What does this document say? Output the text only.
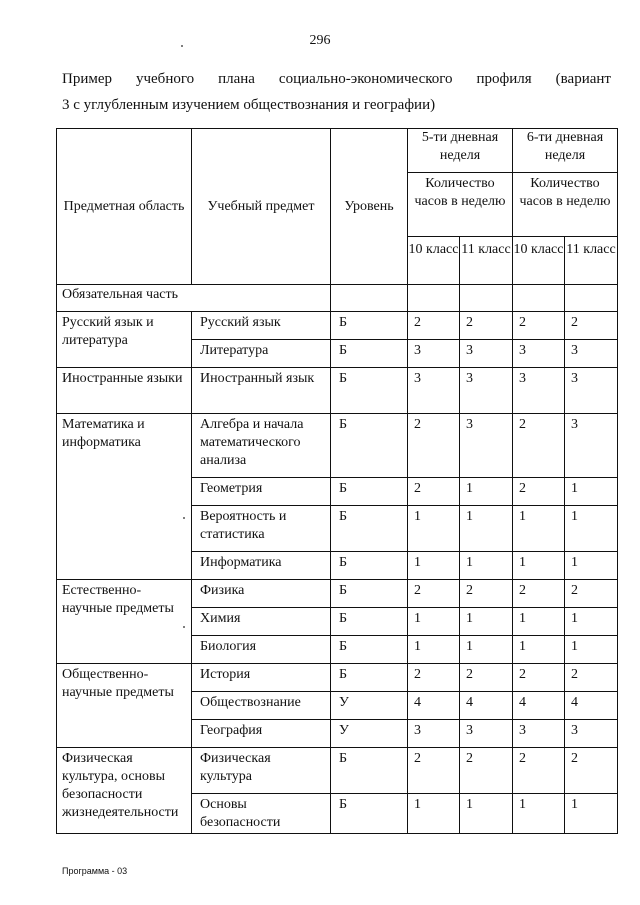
296
Пример учебного плана социально-экономического профиля (вариант
3 с углубленным изучением обществознания и географии)
Предметная область	Учебный предмет	Уровень	5-ти дневная неделя		6-ти дневная неделя	
			Количество часов в неделю		Количество часов в неделю	
			10 класс	11 класс	10 класс	11 класс
Обязательная часть						
Русский язык и литература	Русский язык	Б	2	2	2	2
	Литература	Б	3	3	3	3
Иностранные языки	Иностранный язык	Б	3	3	3	3
Математика и информатика	Алгебра и начала математического анализа	Б	2	3	2	3
	Геометрия	Б	2	1	2	1
	Вероятность и статистика	Б	1	1	1	1
	Информатика	Б	1	1	1	1
Естественно-научные предметы	Физика	Б	2	2	2	2
	Химия	Б	1	1	1	1
	Биология	Б	1	1	1	1
Общественно-научные предметы	История	Б	2	2	2	2
	Обществознание	У	4	4	4	4
	География	У	3	3	3	3
Физическая культура, основы безопасности жизнедеятельности	Физическая культура	Б	2	2	2	2
	Основы безопасности	Б	1	1	1	1
Программа - 03
